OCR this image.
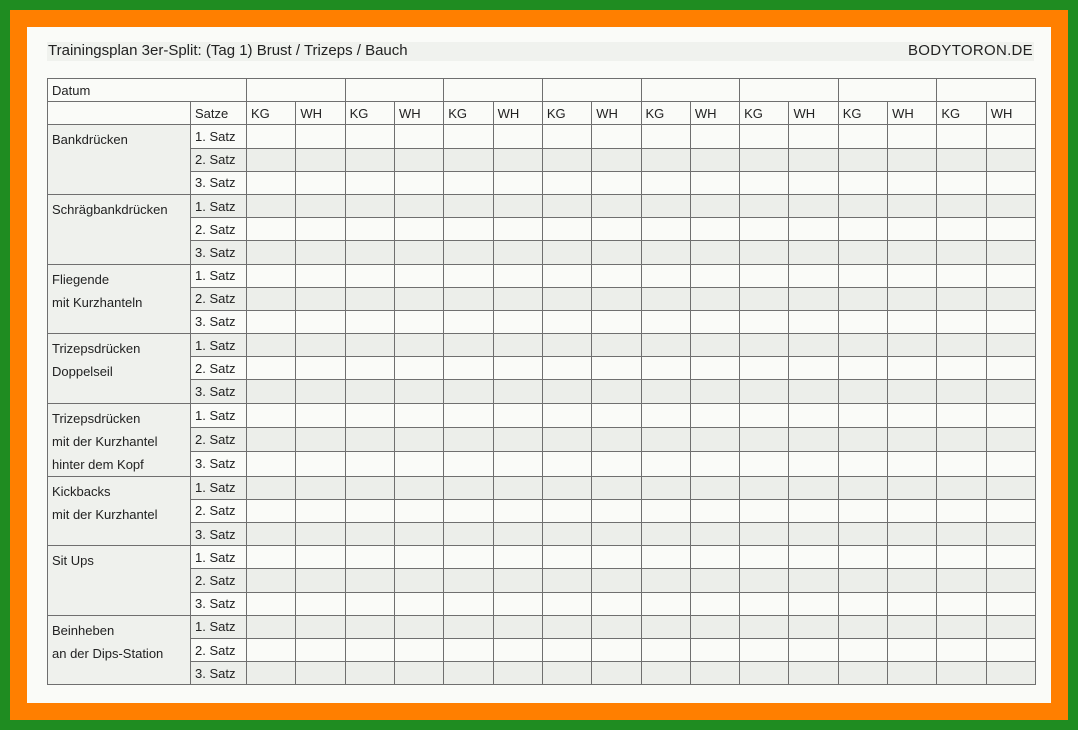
Trainingsplan 3er-Split: (Tag 1) Brust / Trizeps / Bauch	BODYTORON.DE
Datum																	
	Satze	KG	WH	KG	WH	KG	WH	KG	WH	KG	WH	KG	WH	KG	WH	KG	WH

Bankdrücken	1. Satz																
	2. Satz																
	3. Satz																

Schrägbankdrücken	1. Satz																
	2. Satz																
	3. Satz																

Fliegende
mit Kurzhanteln	1. Satz																
	2. Satz																
	3. Satz																

Trizepsdrücken
Doppelseil	1. Satz																
	2. Satz																
	3. Satz																

Trizepsdrücken
mit der Kurzhantel
hinter dem Kopf	1. Satz																
	2. Satz																
	3. Satz																

Kickbacks
mit der Kurzhantel	1. Satz																
	2. Satz																
	3. Satz																

Sit Ups	1. Satz																
	2. Satz																
	3. Satz																

Beinheben
an der Dips-Station	1. Satz																
	2. Satz																
	3. Satz																
